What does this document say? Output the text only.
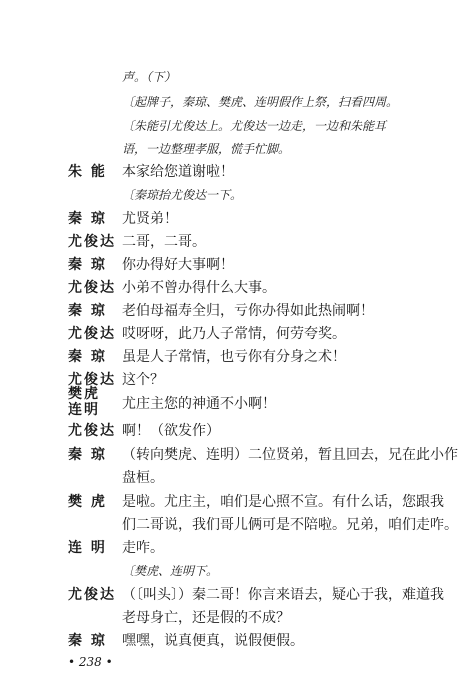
声。（下）
〔起牌子，秦琼、樊虎、连明假作上祭，扫看四周。
〔朱能引尤俊达上。尤俊达一边走，一边和朱能耳
语，一边整理孝服，慌手忙脚。
朱 能	本家给您道谢啦！
〔秦琼抬尤俊达一下。
秦 琼	尤贤弟！
尤俊达 二哥，二哥。
秦 琼	你办得好大事啊！
尤俊达 小弟不曾办得什么大事。
秦 琼	老伯母福寿全归，亏你办得如此热闹啊！
尤俊达 哎呀呀，此乃人子常情，何劳夸奖。
秦 琼	虽是人子常情，也亏你有分身之术！
尤俊达 这个？
樊虎
连明	尤庄主您的神通不小啊！
尤俊达 啊！（欲发作）
秦 琼	（转向樊虎、连明）二位贤弟，暂且回去，兄在此小作
盘桓。
樊 虎	是啦。尤庄主，咱们是心照不宣。有什么话，您跟我
们二哥说，我们哥儿俩可是不陪啦。兄弟，咱们走咋。
连 明	走咋。
〔樊虎、连明下。
尤俊达 （〔叫头〕）秦二哥！你言来语去，疑心于我，难道我
老母身亡，还是假的不成？
秦 琼	嘿嘿，说真便真，说假便假。
• 238 •
